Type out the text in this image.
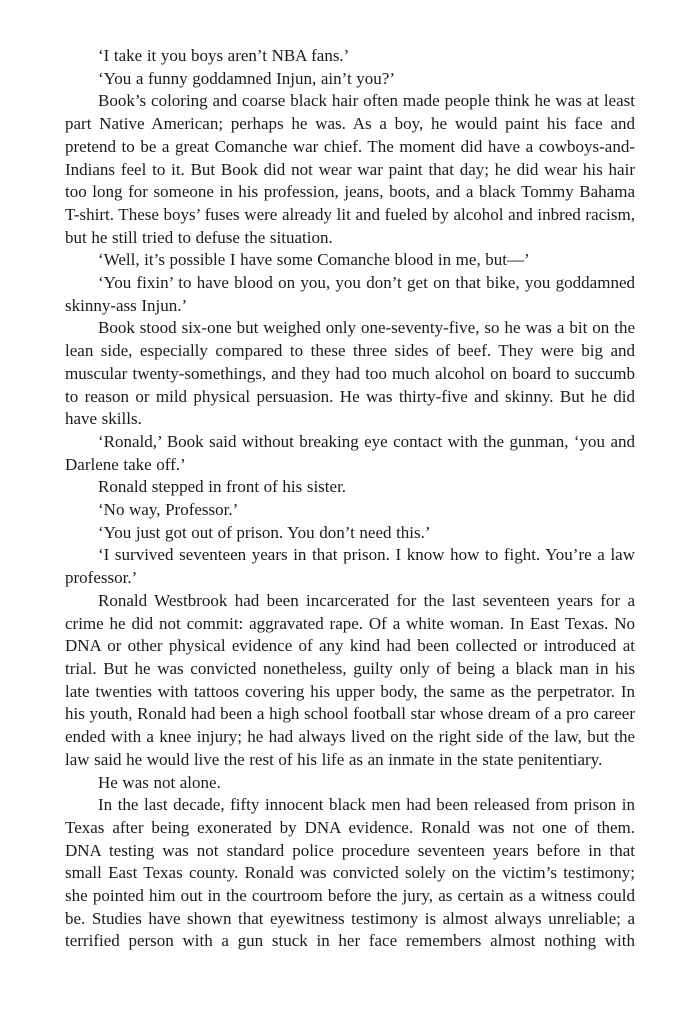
‘I take it you boys aren’t NBA fans.’

‘You a funny goddamned Injun, ain’t you?’

Book’s coloring and coarse black hair often made people think he was at least part Native American; perhaps he was. As a boy, he would paint his face and pretend to be a great Comanche war chief. The moment did have a cowboys-and-Indians feel to it. But Book did not wear war paint that day; he did wear his hair too long for someone in his profession, jeans, boots, and a black Tommy Bahama T-shirt. These boys’ fuses were already lit and fueled by alcohol and inbred racism, but he still tried to defuse the situation.

‘Well, it’s possible I have some Comanche blood in me, but—’

‘You fixin’ to have blood on you, you don’t get on that bike, you goddamned skinny-ass Injun.’

Book stood six-one but weighed only one-seventy-five, so he was a bit on the lean side, especially compared to these three sides of beef. They were big and muscular twenty-somethings, and they had too much alcohol on board to succumb to reason or mild physical persuasion. He was thirty-five and skinny. But he did have skills.

‘Ronald,’ Book said without breaking eye contact with the gunman, ‘you and Darlene take off.’

Ronald stepped in front of his sister.

‘No way, Professor.’

‘You just got out of prison. You don’t need this.’

‘I survived seventeen years in that prison. I know how to fight. You’re a law professor.’

Ronald Westbrook had been incarcerated for the last seventeen years for a crime he did not commit: aggravated rape. Of a white woman. In East Texas. No DNA or other physical evidence of any kind had been collected or introduced at trial. But he was convicted nonetheless, guilty only of being a black man in his late twenties with tattoos covering his upper body, the same as the perpetrator. In his youth, Ronald had been a high school football star whose dream of a pro career ended with a knee injury; he had always lived on the right side of the law, but the law said he would live the rest of his life as an inmate in the state penitentiary.

He was not alone.

In the last decade, fifty innocent black men had been released from prison in Texas after being exonerated by DNA evidence. Ronald was not one of them. DNA testing was not standard police procedure seventeen years before in that small East Texas county. Ronald was convicted solely on the victim’s testimony; she pointed him out in the courtroom before the jury, as certain as a witness could be. Studies have shown that eyewitness testimony is almost always unreliable; a terrified person with a gun stuck in her face remembers almost nothing with
